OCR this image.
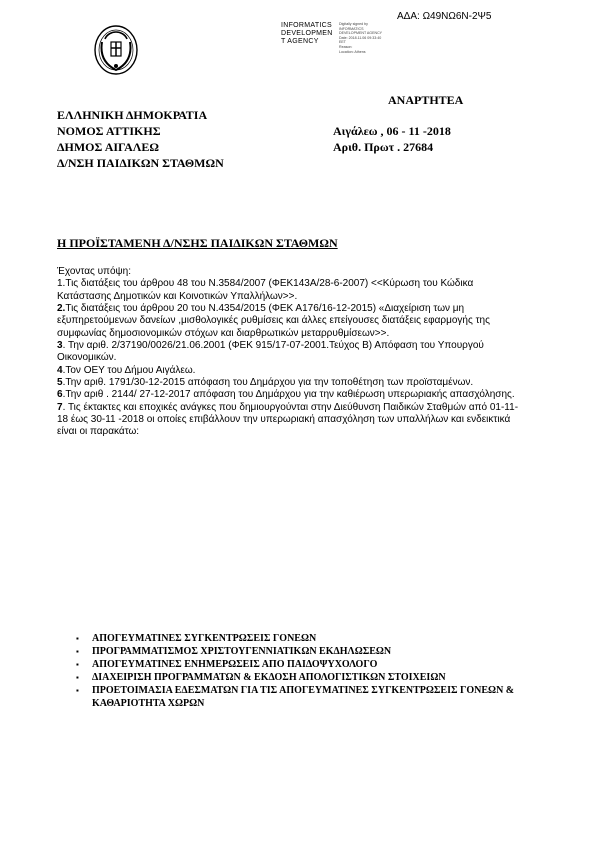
ΑΔΑ: Ω49ΝΩ6Ν-2Ψ5
INFORMATICS
DEVELOPMEN
T AGENCY
Digitally signed by
INFORMATICS
DEVELOPMENT AGENCY
Date: 2018.11.06 09:33:40
EET
Reason:
Location: Athens
ΑΝΑΡΤΗΤΕΑ
ΕΛΛΗΝΙΚΗ ΔΗΜΟΚΡΑΤΙΑ
ΝΟΜΟΣ ΑΤΤΙΚΗΣ
ΔΗΜΟΣ ΑΙΓΑΛΕΩ
Δ/ΝΣΗ ΠΑΙΔΙΚΩΝ ΣΤΑΘΜΩΝ
Αιγάλεω , 06 - 11 -2018
Αριθ. Πρωτ . 27684
Η ΠΡΟΪΣΤΑΜΕΝΗ Δ/ΝΣΗΣ ΠΑΙΔΙΚΩΝ ΣΤΑΘΜΩΝ

Έχοντας υπόψη:

1.Τις διατάξεις του άρθρου 48 του Ν.3584/2007 (ΦΕΚ143Α/28-6-2007) <<Κύρωση του Κώδικα Κατάστασης Δημοτικών και Κοινοτικών Υπαλλήλων>>.

2.Τις διατάξεις του άρθρου 20 του Ν.4354/2015 (ΦΕΚ Α176/16-12-2015) «Διαχείριση των μη εξυπηρετούμενων δανείων ,μισθολογικές ρυθμίσεις και άλλες επείγουσες διατάξεις εφαρμογής της συμφωνίας δημοσιονομικών στόχων και διαρθρωτικών μεταρρυθμίσεων>>.

3. Την αριθ. 2/37190/0026/21.06.2001 (ΦΕΚ 915/17-07-2001.Τεύχος Β) Απόφαση του Υπουργού Οικονομικών.

4.Τον ΟΕΥ του Δήμου Αιγάλεω.

5.Την αριθ. 1791/30-12-2015 απόφαση του Δημάρχου για την τοποθέτηση των προϊσταμένων.

6.Την αριθ . 2144/ 27-12-2017 απόφαση του Δημάρχου για την καθιέρωση υπερωριακής απασχόλησης.

7. Τις έκτακτες και εποχικές ανάγκες που δημιουργούνται στην Διεύθυνση Παιδικών Σταθμών από 01-11-18 έως 30-11 -2018 οι οποίες επιβάλλουν την υπερωριακή απασχόληση των υπαλλήλων και ενδεικτικά είναι οι παρακάτω:

▪ ΑΠΟΓΕΥΜΑΤΙΝΕΣ ΣΥΓΚΕΝΤΡΩΣΕΙΣ ΓΟΝΕΩΝ
▪ ΠΡΟΓΡΑΜΜΑΤΙΣΜΟΣ ΧΡΙΣΤΟΥΓΕΝΝΙΑΤΙΚΩΝ ΕΚΔΗΛΩΣΕΩΝ
▪ ΑΠΟΓΕΥΜΑΤΙΝΕΣ ΕΝΗΜΕΡΩΣΕΙΣ ΑΠΟ ΠΑΙΔΟΨΥΧΟΛΟΓΟ
▪ ΔΙΑΧΕΙΡΙΣΗ ΠΡΟΓΡΑΜΜΑΤΩΝ & ΕΚΔΟΣΗ ΑΠΟΛΟΓΙΣΤΙΚΩΝ ΣΤΟΙΧΕΙΩΝ
▪ ΠΡΟΕΤΟΙΜΑΣΙΑ ΕΔΕΣΜΑΤΩΝ ΓΙΑ ΤΙΣ ΑΠΟΓΕΥΜΑΤΙΝΕΣ ΣΥΓΚΕΝΤΡΩΣΕΙΣ ΓΟΝΕΩΝ & ΚΑΘΑΡΙΟΤΗΤΑ ΧΩΡΩΝ
